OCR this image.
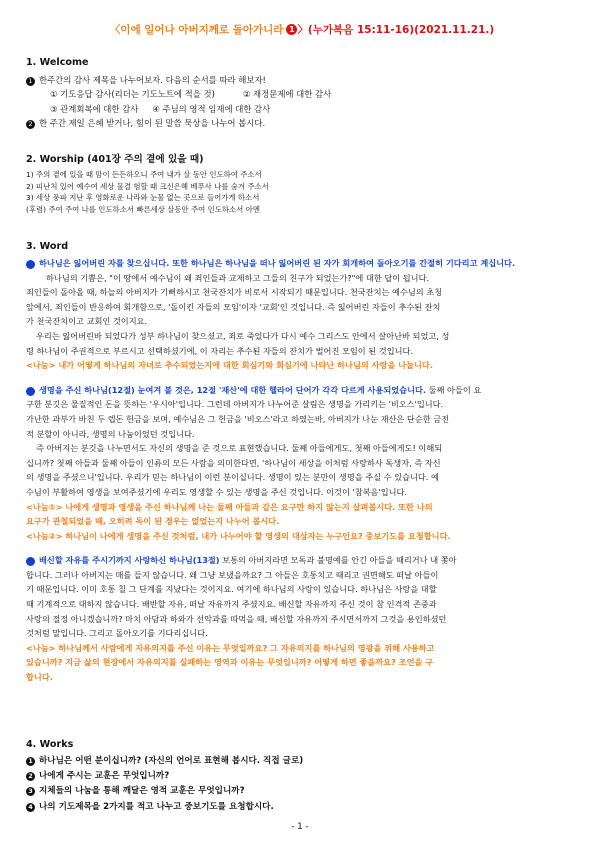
〈이에 일어나 아버지께로 돌아가니라 1 〉(누가복음 15:11-16)(2021.11.21.)
1. Welcome
1 한주간의 감사 제목을 나누어보자. 다음의 순서를 따라 해보자!
① 기도응답 감사(리더는 기도노트에 적을 것)	② 재정문제에 대한 감사
③ 관계회복에 대한 감사 ④ 주님의 영적 임재에 대한 감사
2 한 주간 제일 은혜 받거나, 힘이 된 말씀 묵상을 나누어 봅시다.
2. Worship (401장 주의 곁에 있을 때)
1) 주의 곁에 있을 때 맘이 든든하오니 주여 내가 살 동안 인도하여 주소서
2) 피난처 있어 예수여 세상 물결 험할 때 크신은혜 베푸사 나를 숨겨 주소서
3) 세상 풍파 지난 후 영화로운 나라와 눈물 없는 곳으로 들어가게 하소서
(후렴) 주여 주여 나를 인도하소서 빠른세상 살동안 주여 인도하소서 아멘
3. Word
1 하나님은 잃어버린 자를 찾으십니다. 또한 하나님은 하나님을 떠나 잃어버린 된 자가 회개하여 돌아오기를 간절히 기다리고 계십니다.
하나님의 기쁨은, "이 땅에서 예수님이 왜 죄인들과 교제하고 그들의 친구가 되었는가?"에 대한 답이 됩니다.
죄인들이 돌아올 때, 하늘의 아버지가 기뻐하시고 천국잔치가 비로서 시작되기 때문입니다. 천국잔치는 예수님의 초청
앞에서, 죄인들이 반응하여 회개함으로, '돌이킨 자들의 모임'이자 '교회'인 것입니다. 즉 잃어버린 자들이 추수된 잔치
가 천국잔치이고 교회인 것이지요.
우리는 잃어버린바 되었다가 성부 하나님이 찾으셨고, 죄로 죽었다가 다시 예수 그리스도 안에서 살아난바 되었고, 성
령 하나님이 주권적으로 부르시고 선택하셨기에, 이 자리는 추수된 자들의 잔치가 벌어진 모임이 된 것입니다.
<나눔> 내가 어떻게 하나님의 자녀로 추수되었는지에 대한 회심기와 회심기에 나타난 하나님의 사랑을 나눕니다.
2 생명을 주신 하나님(12절) 눈여겨 볼 것은, 12절 '재산'에 대한 헬라어 단어가 각각 다르게 사용되었습니다. 둘째 아들이 요
구한 분깃은 물질적인 돈을 뜻하는 '우시아'입니다. 그런데 아버지가 나누어준 살림은 생명을 가리키는 '비오스'입니다.
가난한 과부가 바친 두 렙돈 헌금을 보며, 예수님은 그 헌금을 '비오스'라고 하였는바, 아버지가 나눈 재산은 단순한 금전
적 분할이 아니라, 생명의 나눔이었던 것입니다.
즉 아버지는 분깃을 나누면서도 자신의 생명을 준 것으로 표현했습니다. 둘째 아들에게도, 첫째 아들에게도! 이해되
십니까? 첫째 아들과 둘째 아들이 인류의 모든 사람을 의미한다면, '하나님이 세상을 이처럼 사랑하사 독생자, 즉 자신
의 생명을 주셨으니'입니다. 우리가 믿는 하나님이 이런 분이십니다. 생명이 있는 분만이 생명을 주실 수 있습니다. 예
수님이 부활하여 영생을 보여주셨기에 우리도 영생할 수 있는 생명을 주신 것입니다. 이것이 '참복음'입니다.
<나눔①> 나에게 생명과 영생을 주신 하나님께 나는 둘째 아들과 같은 요구만 하지 않는지 살펴봅시다. 또한 나의
요구가 관철되었을 때, 오히려 독이 된 경우는 없었는지 나누어 봅시다.
<나눔②> 하나님이 나에게 생명을 주신 것처럼, 내가 나누어야 할 영생의 대상자는 누구인요? 중보기도를 요청합니다.
3 배신할 자유를 주시기까지 사랑하신 하나님(13절) 보통의 아버지라면 모독과 불명예를 안긴 아들을 때리거나 내 쫓아
합니다. 그러나 아버지는 매를 들지 않습니다. 왜 그냥 보냈을까요? 그 아들은 호통치고 때리고 권면해도 떠날 아들이
기 때문입니다. 이미 호통 칠 그 단계를 지났다는 것이지요. 여기에 하나님의 사랑이 있습니다. 하나님은 사랑을 대할
때 기계적으로 대하지 않습니다. 배반할 자유, 떠날 자유까지 주셨지요. 배신할 자유까지 주신 것이 참 인격적 존중과
사랑의 절정 아니겠습니까? 마치 아담과 하와가 선악과를 따먹을 때, 배신할 자유까지 주시면서까지 그것을 용인하셨던
것처럼 말입니다. 그리고 돌아오기를 기다리십니다.
<나눔> 하나님께서 사람에게 자유의지를 주신 이유는 무엇일까요? 그 자유의지를 하나님의 영광을 위해 사용하고
있습니까? 지금 삶의 현장에서 자유의지를 실패하는 영역과 이유는 무엇입니까? 어떻게 하면 좋을까요? 조언을 구
합니다.
4. Works
1 하나님은 어떤 분이십니까? (자신의 언어로 표현해 봅시다. 직접 글로)
2 나에게 주시는 교훈은 무엇입니까?
3 지체들의 나눔을 통해 깨달은 영적 교훈은 무엇입니까?
4 나의 기도제목을 2가지를 적고 나누고 중보기도를 요청합시다.
- 1 -
